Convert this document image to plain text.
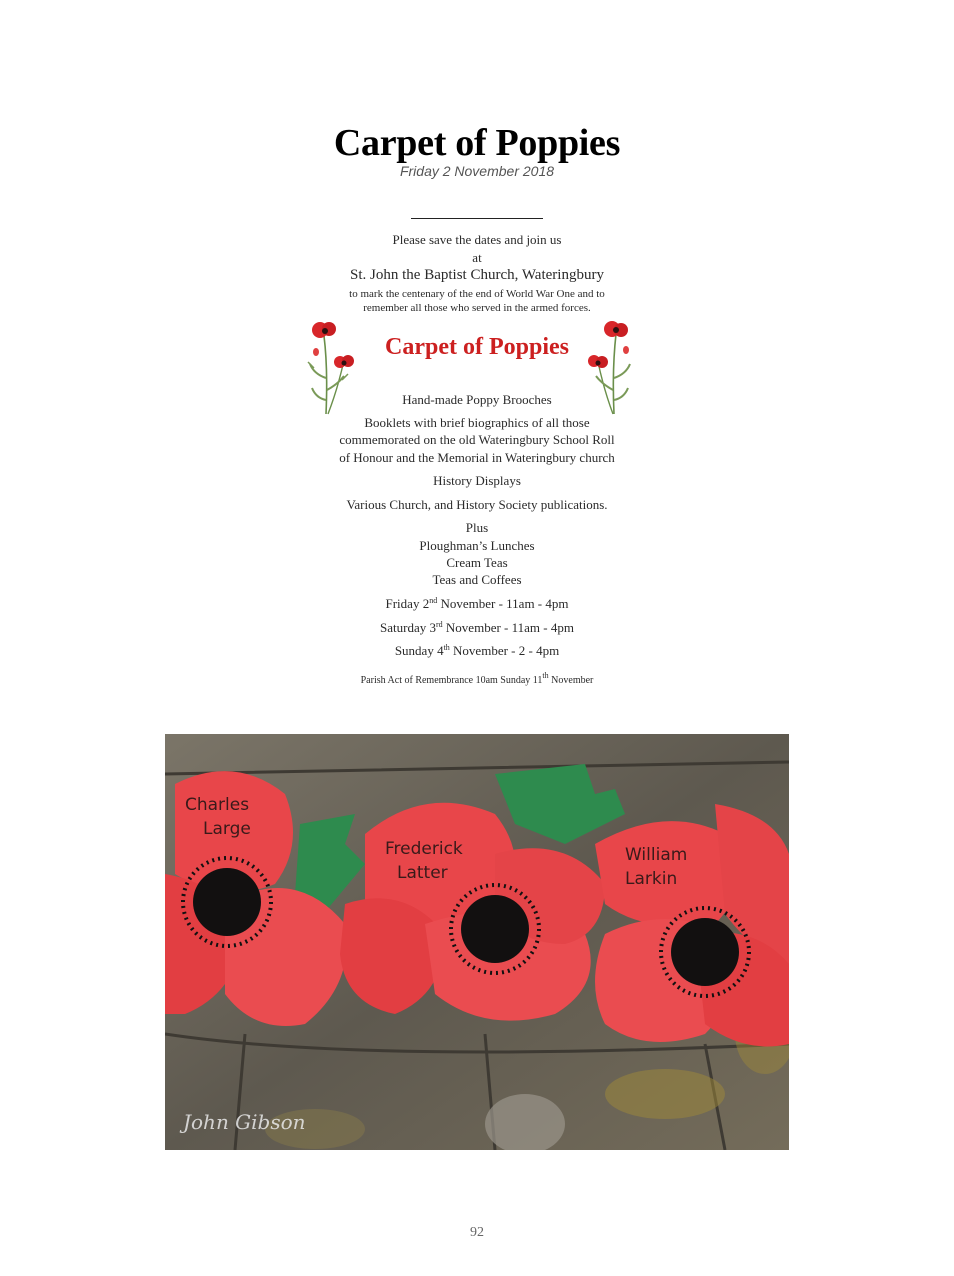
Carpet of Poppies
Friday 2 November 2018
Please save the dates and join us
at
St. John the Baptist Church, Wateringbury
to mark the centenary of the end of World War One and to
remember all those who served in the armed forces.
Carpet of Poppies
Hand-made Poppy Brooches
Booklets with brief biographics of all those
commemorated on the old Wateringbury School Roll
of Honour and the Memorial in Wateringbury church
History Displays
Various Church, and History Society publications.
Plus
Ploughman’s Lunches
Cream Teas
Teas and Coffees
Friday 2nd November - 11am - 4pm
Saturday 3rd November - 11am - 4pm
Sunday 4th November - 2 - 4pm
Parish Act of Remembrance 10am Sunday 11th November
Charles
Large
Frederick
Latter
William
Larkin
John Gibson
92
